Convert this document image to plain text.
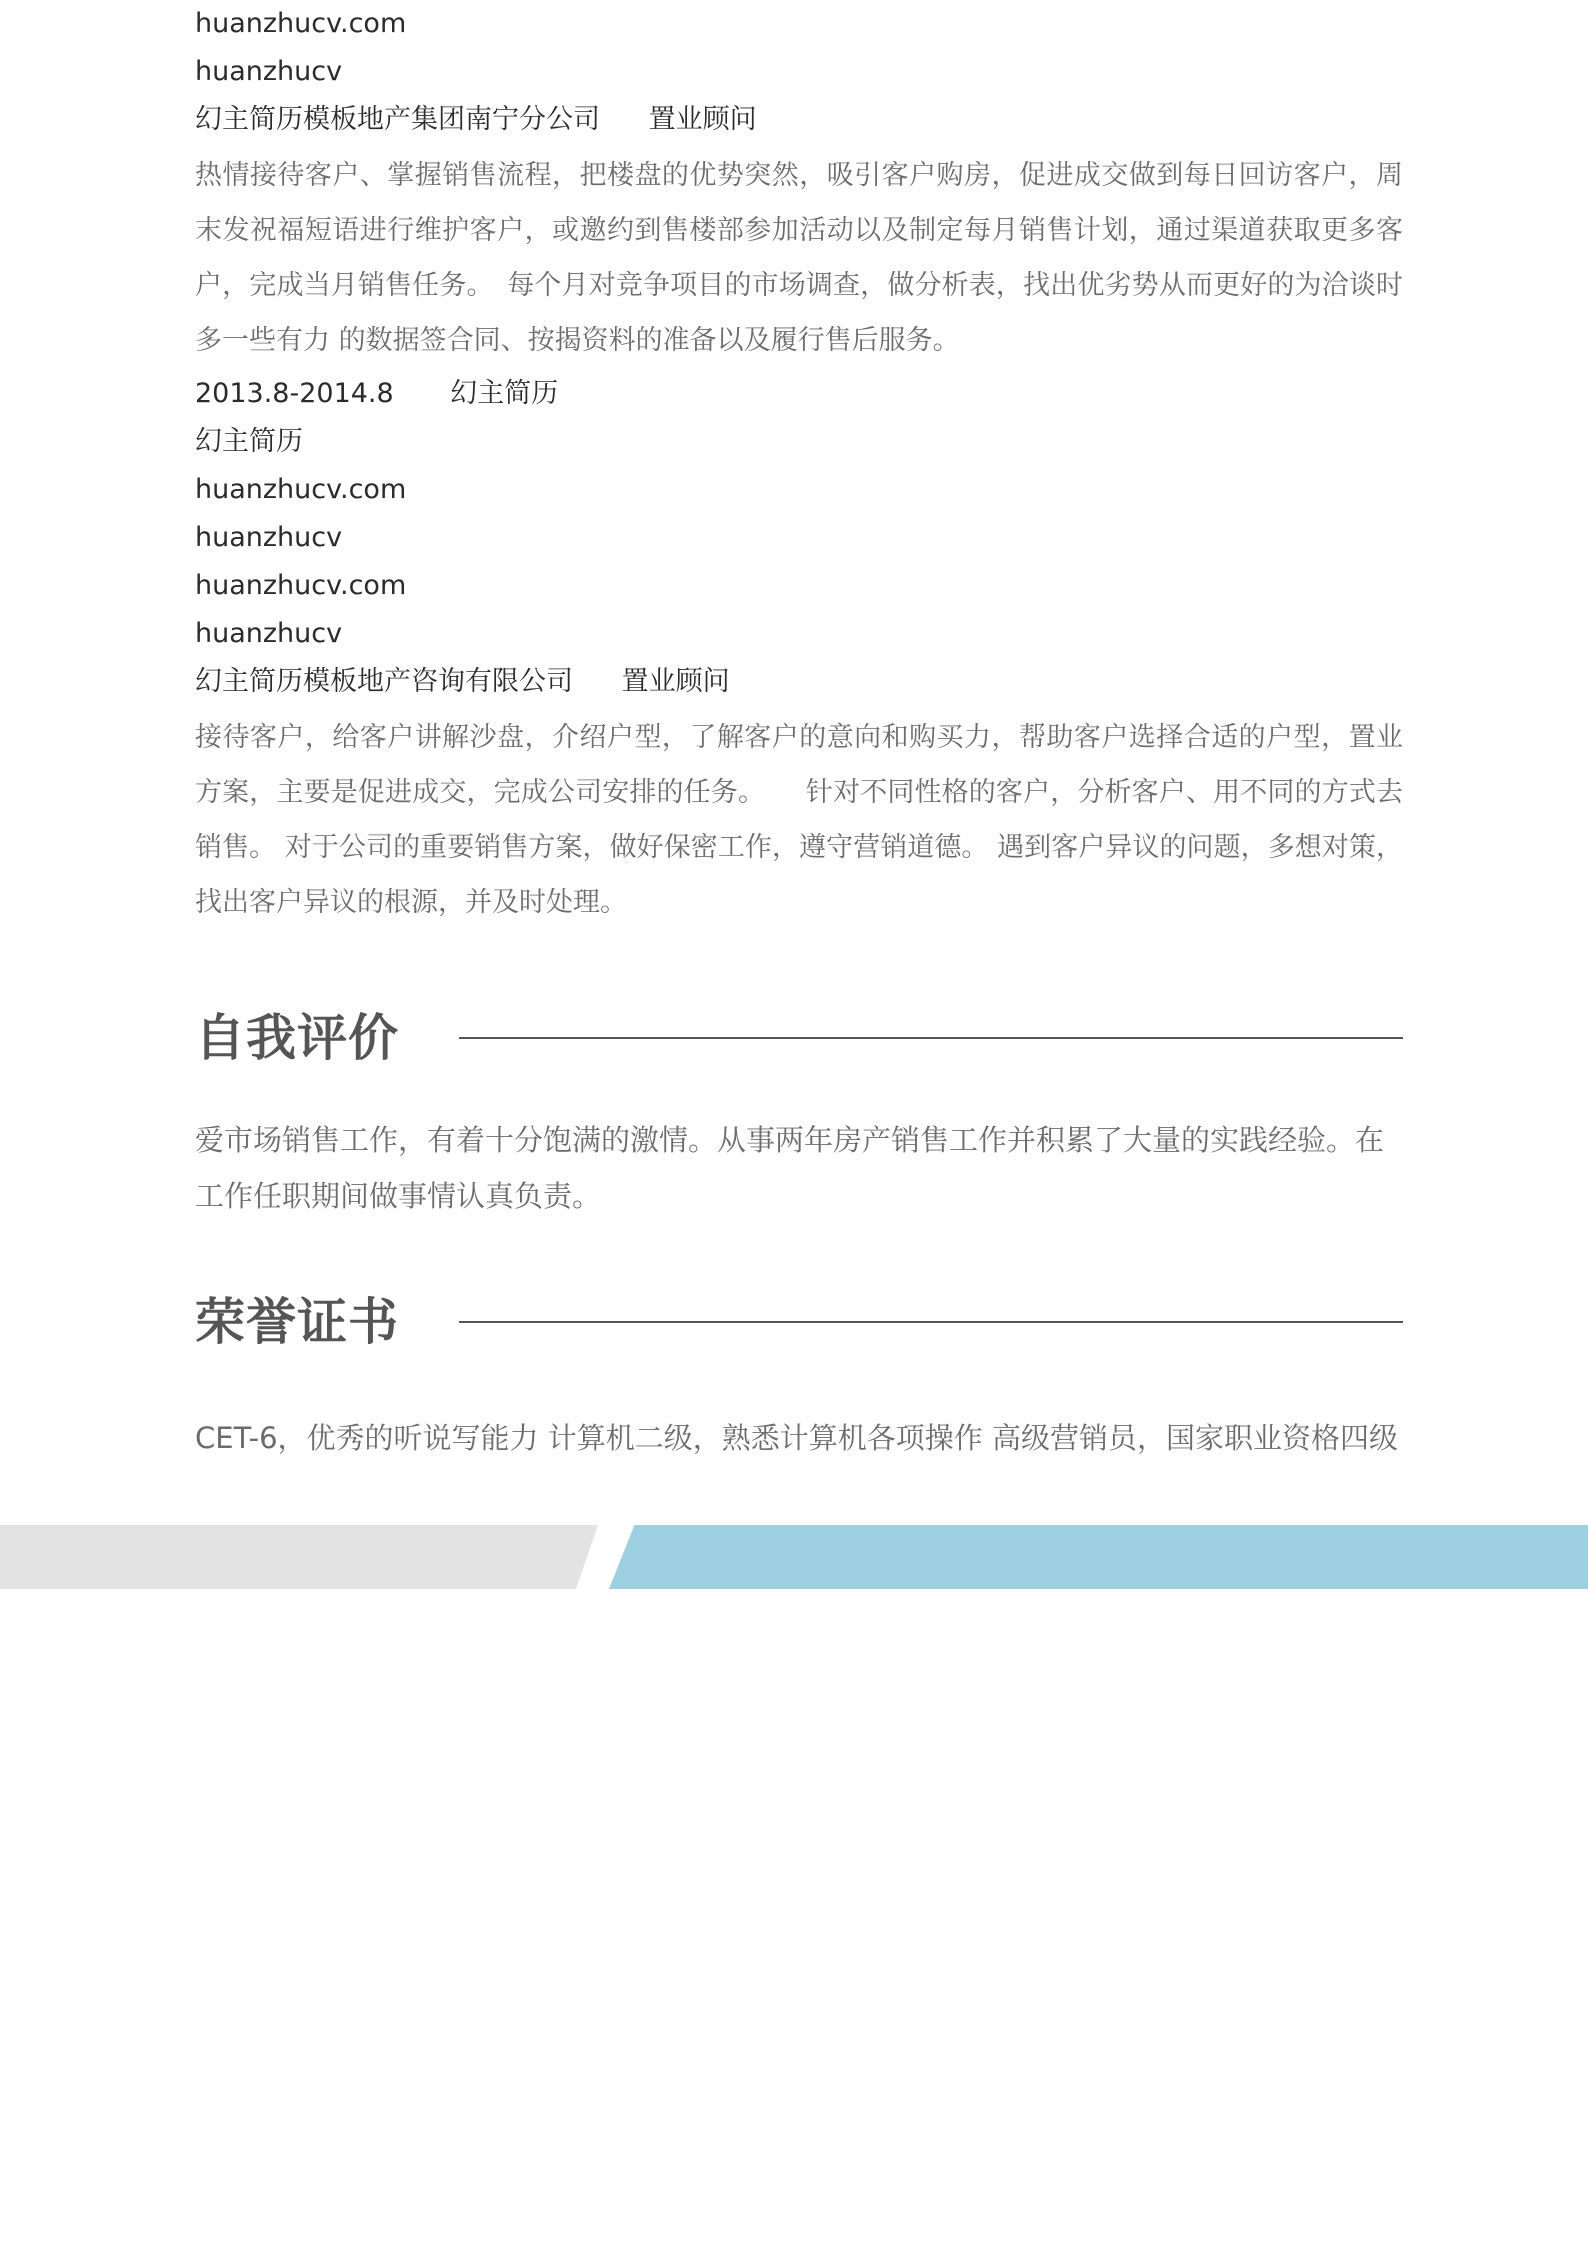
huanzhucv.com
huanzhucv
幻主简历模板地产集团南宁分公司 置业顾问
热情接待客户、掌握销售流程，把楼盘的优势突然，吸引客户购房，促进成交做到每日回访客户，周末发祝福短语进行维护客户，或邀约到售楼部参加活动以及制定每月销售计划，通过渠道获取更多客户，完成当月销售任务。　每个月对竞争项目的市场调查，做分析表，找出优劣势从而更好的为洽谈时多一些有力 的数据签合同、按揭资料的准备以及履行售后服务。
2013.8-2014.8 幻主简历
幻主简历
huanzhucv.com
huanzhucv
huanzhucv.com
huanzhucv
幻主简历模板地产咨询有限公司 置业顾问
接待客户，给客户讲解沙盘，介绍户型，了解客户的意向和购买力，帮助客户选择合适的户型，置业方案，主要是促进成交，完成公司安排的任务。　　针对不同性格的客户，分析客户、用不同的方式去销售。 对于公司的重要销售方案，做好保密工作，遵守营销道德。 遇到客户异议的问题，多想对策，找出客户异议的根源，并及时处理。
自我评价
爱市场销售工作，有着十分饱满的激情。从事两年房产销售工作并积累了大量的实践经验。在工作任职期间做事情认真负责。
荣誉证书
CET-6，优秀的听说写能力 计算机二级，熟悉计算机各项操作 高级营销员，国家职业资格四级
